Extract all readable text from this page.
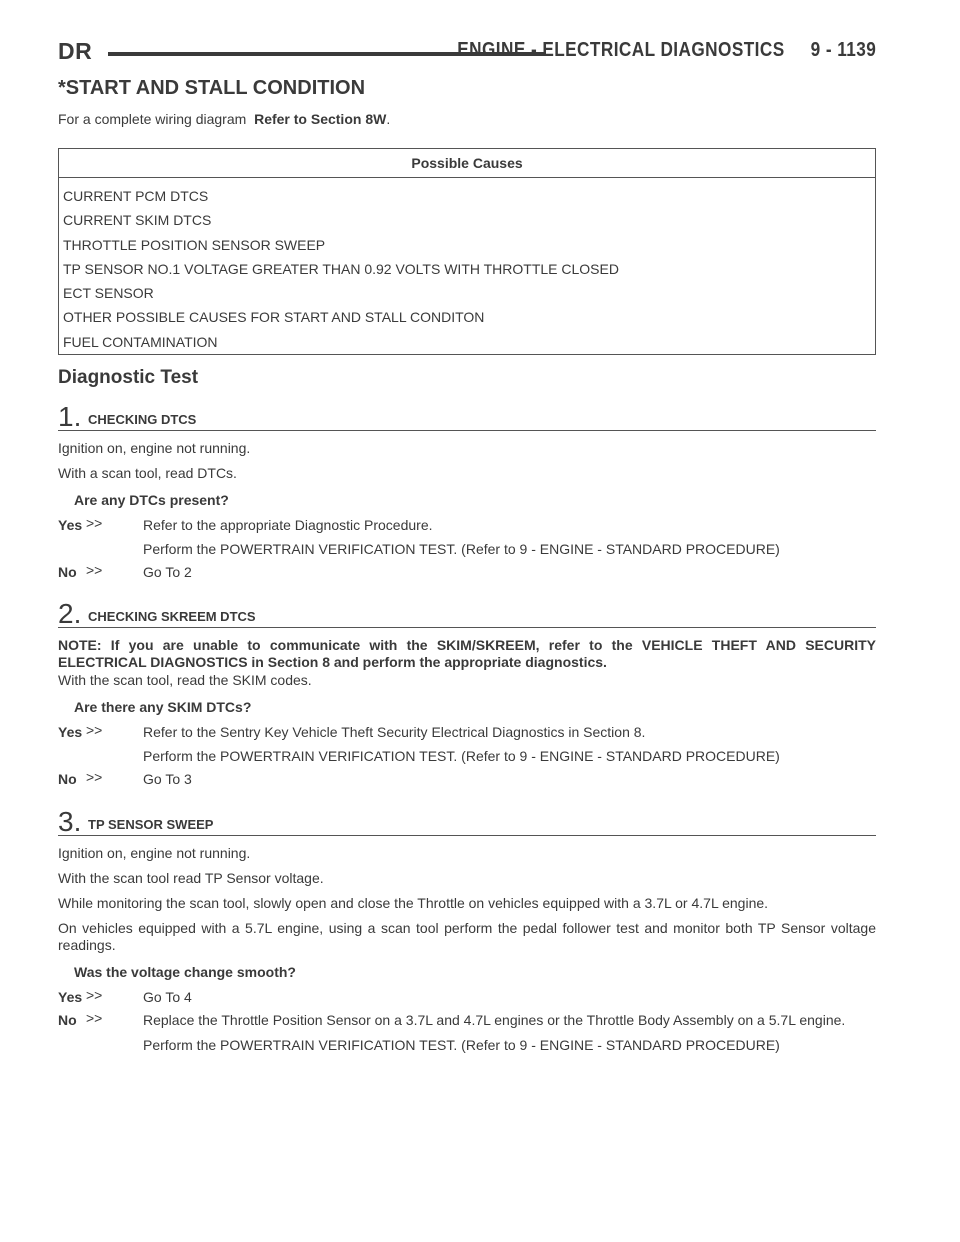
DR	ENGINE - ELECTRICAL DIAGNOSTICS     9 - 1139
*START AND STALL CONDITION
For a complete wiring diagram Refer to Section 8W.
Possible Causes
CURRENT PCM DTCS
CURRENT SKIM DTCS
THROTTLE POSITION SENSOR SWEEP
TP SENSOR NO.1 VOLTAGE GREATER THAN 0.92 VOLTS WITH THROTTLE CLOSED
ECT SENSOR
OTHER POSSIBLE CAUSES FOR START AND STALL CONDITON
FUEL CONTAMINATION
Diagnostic Test
1. CHECKING DTCS

Ignition on, engine not running.

With a scan tool, read DTCs.

Are any DTCs present?

Yes >>	Refer to the appropriate Diagnostic Procedure.
Perform the POWERTRAIN VERIFICATION TEST. (Refer to 9 - ENGINE - STANDARD PROCEDURE)
No >>	Go To 2
2. CHECKING SKREEM DTCS

NOTE: If you are unable to communicate with the SKIM/SKREEM, refer to the VEHICLE THEFT AND SECURITY ELECTRICAL DIAGNOSTICS in Section 8 and perform the appropriate diagnostics.

With the scan tool, read the SKIM codes.

Are there any SKIM DTCs?

Yes >>	Refer to the Sentry Key Vehicle Theft Security Electrical Diagnostics in Section 8.
Perform the POWERTRAIN VERIFICATION TEST. (Refer to 9 - ENGINE - STANDARD PROCEDURE)
No >>	Go To 3
3. TP SENSOR SWEEP

Ignition on, engine not running.

With the scan tool read TP Sensor voltage.

While monitoring the scan tool, slowly open and close the Throttle on vehicles equipped with a 3.7L or 4.7L engine.

On vehicles equipped with a 5.7L engine, using a scan tool perform the pedal follower test and monitor both TP Sensor voltage readings.

Was the voltage change smooth?

Yes >>	Go To 4
No >>	Replace the Throttle Position Sensor on a 3.7L and 4.7L engines or the Throttle Body Assembly on a 5.7L engine.
Perform the POWERTRAIN VERIFICATION TEST. (Refer to 9 - ENGINE - STANDARD PROCEDURE)
